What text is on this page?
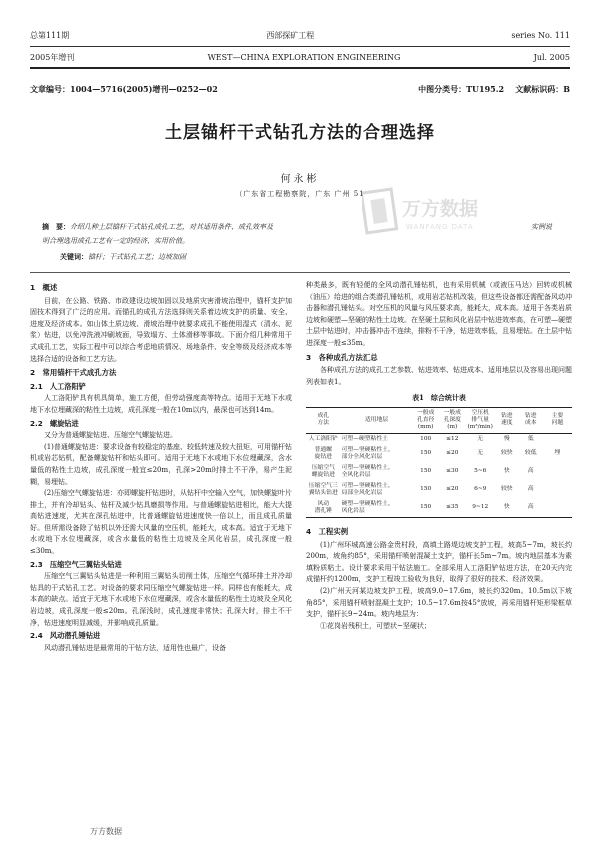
总第111期	西部探矿工程	series No. 111
2005年增刊	WEST—CHINA EXPLORATION ENGINEERING	Jul. 2005
文章编号：1004—5716(2005)增刊—0252—02	中图分类号：TU195.2 文献标识码：B
土层锚杆干式钻孔方法的合理选择
何永彬
（广东省工程勘察院，广东 广州 51
万方数据
WANFANG DATA
摘　要：介绍几种土层锚杆干式钻孔成孔工艺，对其适用条件、成孔效率及	实例说
明合理选用成孔工艺有一定的经济、实用价值。
关键词：锚杆；干式钻孔工艺；边坡加固
1　概述

目前，在公路、铁路、市政建设边坡加固以及地质灾害滑坡治理中，锚杆支护加固技术得到了广泛的应用。而锚孔的成孔方法选择则关系着边坡支护的质量、安全、进度及经济成本。如山体土质边坡、滑坡治理中就要求成孔不能使用湿式（清水、泥浆）钻进，以免冲洗液冲刷坡面，导致塌方、土体滑移等事故。下面介绍几种常用干式成孔工艺，实际工程中可以综合考虑地质情况、场地条件、安全等级及经济成本等选择合适的设备和工艺方法。

2　常用锚杆干式成孔方法
2.1　人工洛阳铲

人工洛阳铲具有机具简单，施工方便，但劳动强度高等特点。适用于无地下水或地下水位埋藏深的粘性土边坡，成孔深度一般在10m以内，最深也可达到14m。

2.2　螺旋钻进

又分为普通螺旋钻进、压缩空气螺旋钻进。

(1)普通螺旋钻进：要求设备有较稳定的基座、较低转速及较大扭矩，可用锚杆钻机或岩芯钻机，配备螺旋钻杆和钻头即可。适用于无地下水或地下水位埋藏深，含水量低的粘性土边坡，成孔深度一般宜≤20m，孔深>20m时排土不干净，易产生泥糊，易埋钻。

(2)压缩空气螺旋钻进：亦即螺旋杆钻进时，从钻杆中空输入空气，加快螺旋叶片排土，并有冷却钻头、钻杆及减少钻具磨损等作用。与普通螺旋钻进相比，能大大提高钻进速度，尤其在深孔钻进中，比普通螺旋钻进速度快一倍以上，而且成孔质量好。但所需设备除了钻机以外还需大风量的空压机，能耗大，成本高。适宜于无地下水或地下水位埋藏深，或含水量低的粘性土边坡及全风化岩层，成孔深度一般≤30m。

2.3　压缩空气三翼钻头钻进

压缩空气三翼钻头钻进是一种利用三翼钻头切削土体，压缩空气循环排土并冷却钻具的干式钻孔工艺。对设备的要求同压缩空气螺旋钻进一样。同样也有能耗大，成本高的缺点。适宜于无地下水或地下水位埋藏深，或含水量低的粘性土边坡及全风化岩边坡，成孔深度一般≤20m。孔深浅时，成孔速度非常快；孔深大时，排土不干净，钻进速度明显减缓，并影响成孔质量。

2.4　风动潜孔锤钻进

风动潜孔锤钻进是最常用的干钻方法，适用性也最广，设备

种类最多，既有轻便的全风动潜孔锤钻机，也有采用机械（或液压马达）回转或机械（油压）给进的组合类潜孔锤钻机，或用岩芯钻机改装，但这些设备都还需配备风动冲击器和潜孔锤钻头。对空压机的风量与风压要求高，能耗大，成本高。适用于各类岩质边坡和硬塑—坚硬的粘性土边坡。在坚硬土层和风化岩层中钻进效率高，在可塑—硬塑土层中钻进时，冲击器冲击不连续，排粉不干净，钻进效率低，且易埋钻。在土层中钻进深度一般≤35m。

3　各种成孔方法汇总

各种成孔方法的成孔工艺参数、钻进效率、钻进成本、适用地层以及容易出现问题列表如表1。

表1　综合统计表
成孔
方法	适用地层	一般成
孔直径
(mm)	一般成
孔深度
(m)	空压机
排气量
(m³/min)	钻进
速度	钻进
成本	主要
问题
人工洛阳铲	可塑—硬塑粘性土	100	≤12	无	慢	低	
普通螺
旋钻进	可塑—坚硬粘性土，
部分全风化岩层	150	≤20	无	较快	较低	埋
压缩空气
螺旋钻进	可塑—坚硬粘性土，
全风化岩层	150	≤30	5~6	快	高	
压缩空气三
翼钻头钻进	可塑—坚硬粘性土，
局部全风化岩层	150	≤20	6~9	较快	高	
风动
潜孔锤	硬塑—坚硬粘性土，
风化岩层	150	≤35	9~12	快	高	
4　工程实例

(1)广州环城高速公路金贵村段，高填土路堤边坡支护工程，坡高5~7m，坡长约200m，坡角约85°，采用锚杆喷射混凝土支护，锚杆长5m~7m。坡内地层基本为素填粉质粘土。设计要求采用干钻法施工。全部采用人工洛阳铲钻进方法，在20天内完成锚杆约1200m，支护工程竣工验收为良好，取得了很好的技术、经济效果。

(2)广州天河某边坡支护工程，坡高9.0~17.6m，坡长约320m。10.5m以下坡角85°，采用锚杆喷射混凝土支护；10.5~17.6m按45°放坡，再采用锚杆矩形梁框草支护，锚杆长9~24m。坡内地层为：

①花岗岩残积土，可塑状~坚硬状；

万方数据
